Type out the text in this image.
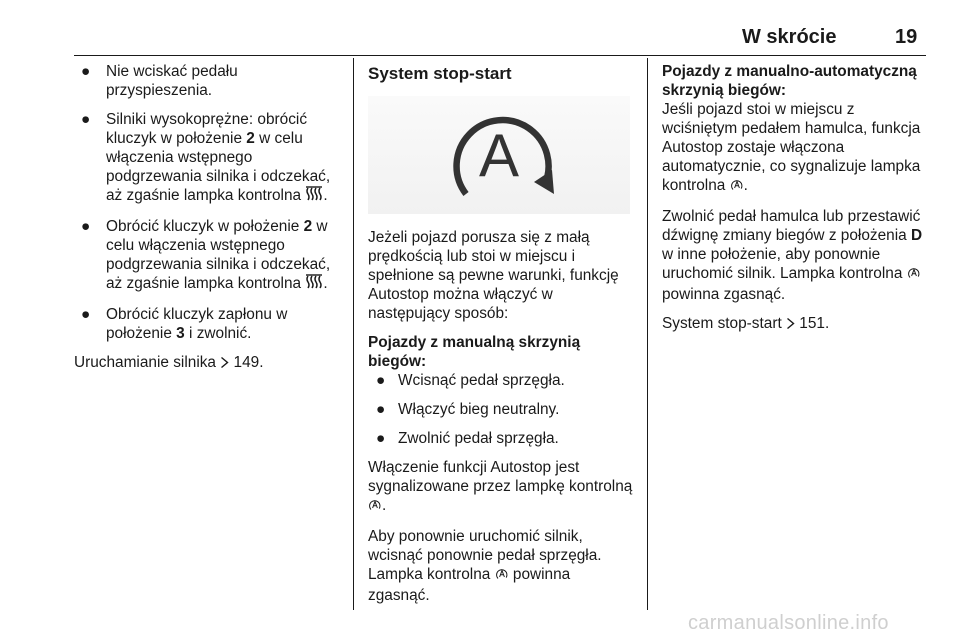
W skrócie	19
● Nie wciskać pedału przyspieszenia.
● Silniki wysokoprężne: obrócić kluczyk w położenie 2 w celu włączenia wstępnego podgrzewania silnika i odczekać, aż zgaśnie lampka kontrolna .
● Obrócić kluczyk w położenie 2 w celu włączenia wstępnego podgrzewania silnika i odczekać, aż zgaśnie lampka kontrolna .
● Obrócić kluczyk zapłonu w położenie 3 i zwolnić.

Uruchamianie silnika  149.

System stop-start
A

Jeżeli pojazd porusza się z małą prędkością lub stoi w miejscu i spełnione są pewne warunki, funkcję Autostop można włączyć w następujący sposób:

Pojazdy z manualną skrzynią biegów:

● Wcisnąć pedał sprzęgła.
● Włączyć bieg neutralny.
● Zwolnić pedał sprzęgła.

Włączenie funkcji Autostop jest sygnalizowane przez lampkę kontrolną .

Aby ponownie uruchomić silnik, wcisnąć ponownie pedał sprzęgła. Lampka kontrolna  powinna zgasnąć.

Pojazdy z manualno-automatyczną skrzynią biegów:

Jeśli pojazd stoi w miejscu z wciśniętym pedałem hamulca, funkcja Autostop zostaje włączona automatycznie, co sygnalizuje lampka kontrolna .

Zwolnić pedał hamulca lub przestawić dźwignę zmiany biegów z położenia D w inne położenie, aby ponownie uruchomić silnik. Lampka kontrolna  powinna zgasnąć.

System stop-start  151.

carmanualsonline.info
